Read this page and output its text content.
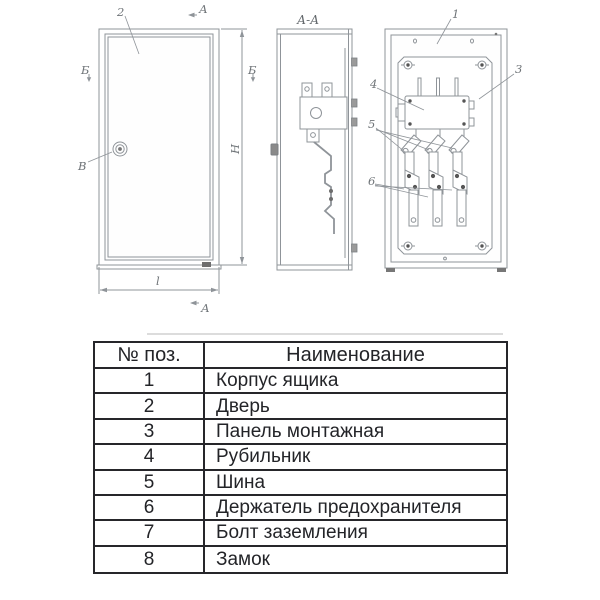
А-А
2	1
3
4
5
6
А
А
Б	Б
В
H
l
№ поз.	Наименование
1	Корпус ящика
2	Дверь
3	Панель монтажная
4	Рубильник
5	Шина
6	Держатель предохранителя
7	Болт заземления
8	Замок
